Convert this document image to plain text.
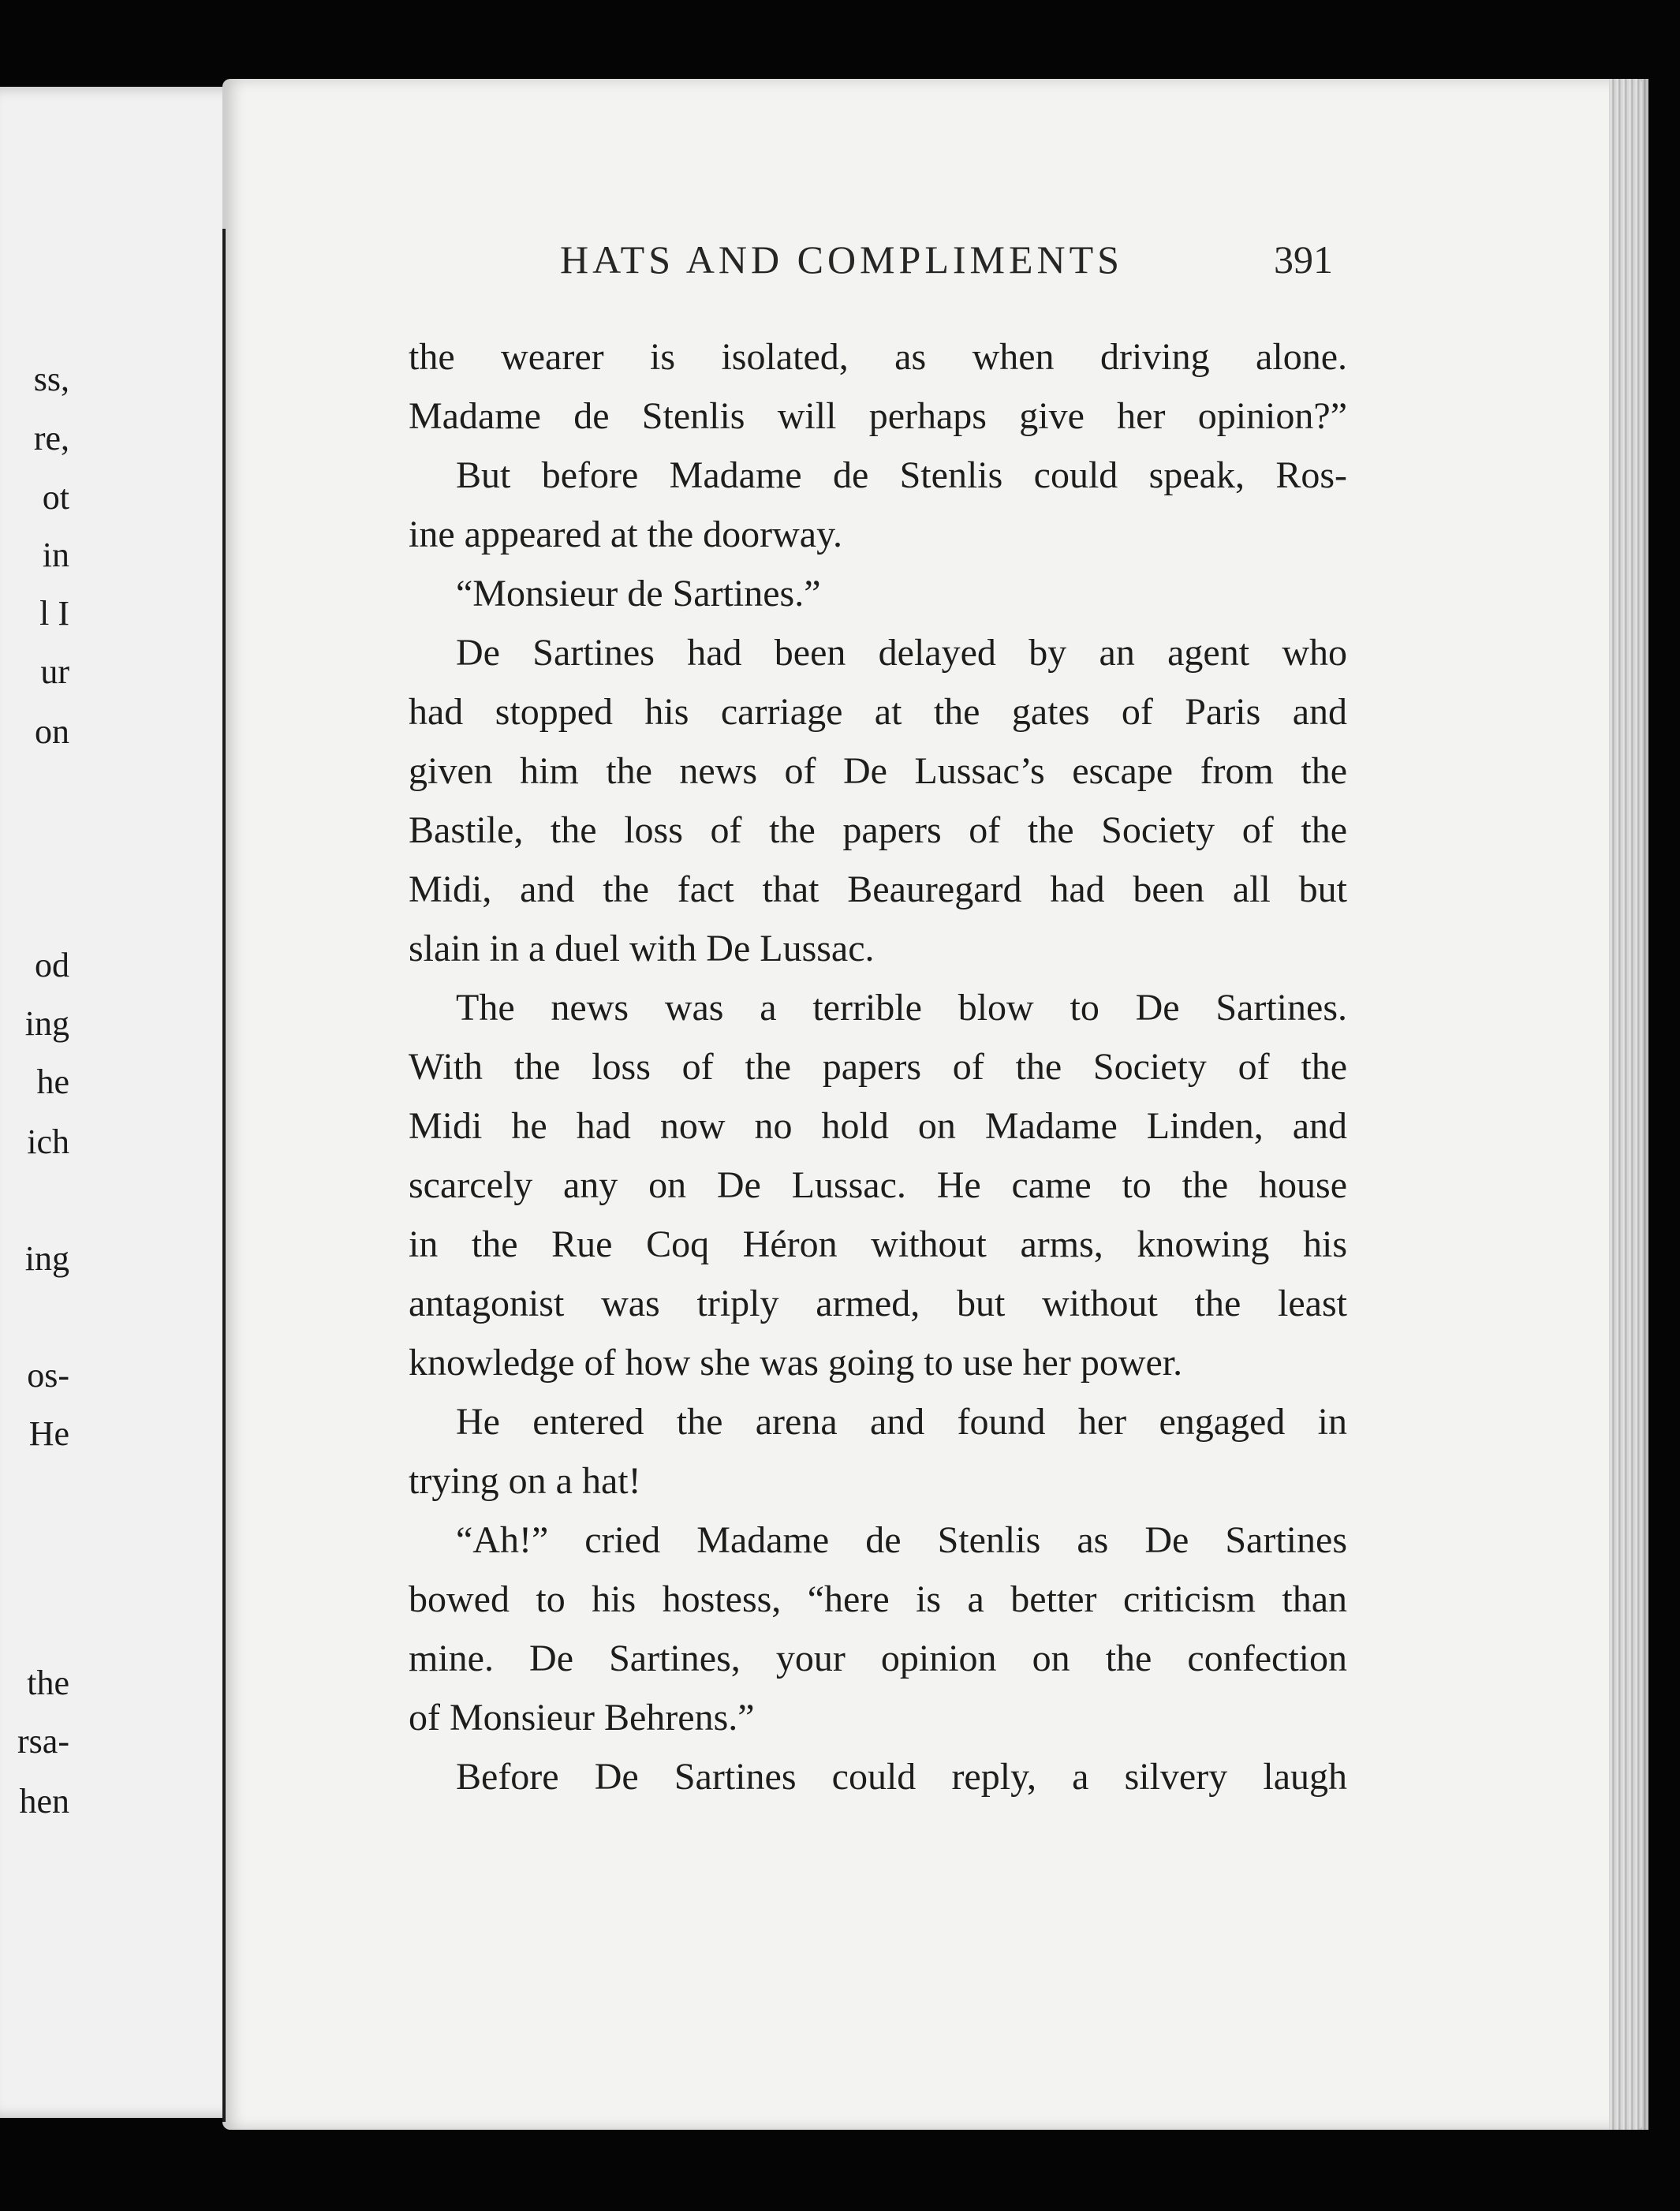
ss,
re,
ot
in
l I
ur
on
od
ing
he
ich
ing
os-
He
the
rsa-
hen
HATS AND COMPLIMENTS	391
the wearer is isolated, as when driving alone.
Madame de Stenlis will perhaps give her opinion?”
But before Madame de Stenlis could speak, Ros-
ine appeared at the doorway.
“Monsieur de Sartines.”
De Sartines had been delayed by an agent who
had stopped his carriage at the gates of Paris and
given him the news of De Lussac’s escape from the
Bastile, the loss of the papers of the Society of the
Midi, and the fact that Beauregard had been all but
slain in a duel with De Lussac.
The news was a terrible blow to De Sartines.
With the loss of the papers of the Society of the
Midi he had now no hold on Madame Linden, and
scarcely any on De Lussac. He came to the house
in the Rue Coq Héron without arms, knowing his
antagonist was triply armed, but without the least
knowledge of how she was going to use her power.
He entered the arena and found her engaged in
trying on a hat!
“Ah!” cried Madame de Stenlis as De Sartines
bowed to his hostess, “here is a better criticism than
mine. De Sartines, your opinion on the confection
of Monsieur Behrens.”
Before De Sartines could reply, a silvery laugh
